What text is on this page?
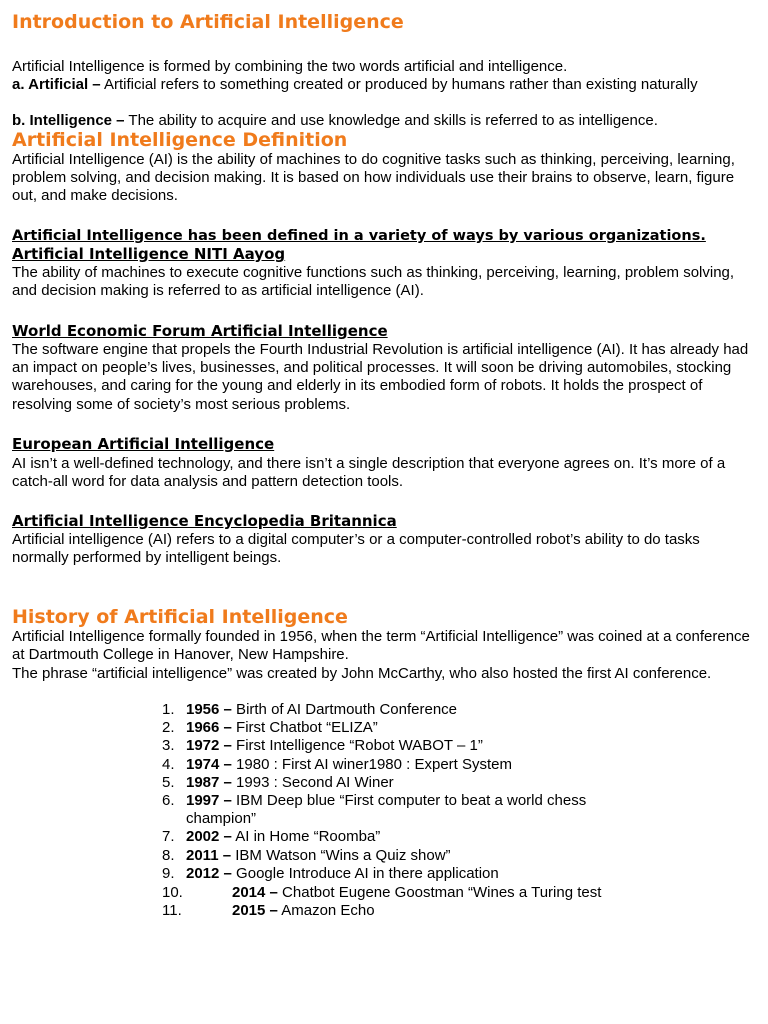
Introduction to Artificial Intelligence

Artificial Intelligence is formed by combining the two words artificial and intelligence.

a. Artificial – Artificial refers to something created or produced by humans rather than existing naturally

b. Intelligence – The ability to acquire and use knowledge and skills is referred to as intelligence.

Artificial Intelligence Definition

Artificial Intelligence (AI) is the ability of machines to do cognitive tasks such as thinking, perceiving, learning, problem solving, and decision making. It is based on how individuals use their brains to observe, learn, figure out, and make decisions.

Artificial Intelligence has been defined in a variety of ways by various organizations.

Artificial Intelligence NITI Aayog

The ability of machines to execute cognitive functions such as thinking, perceiving, learning, problem solving, and decision making is referred to as artificial intelligence (AI).

World Economic Forum Artificial Intelligence

The software engine that propels the Fourth Industrial Revolution is artificial intelligence (AI). It has already had an impact on people’s lives, businesses, and political processes. It will soon be driving automobiles, stocking warehouses, and caring for the young and elderly in its embodied form of robots. It holds the prospect of resolving some of society’s most serious problems.

European Artificial Intelligence

AI isn’t a well-defined technology, and there isn’t a single description that everyone agrees on. It’s more of a catch-all word for data analysis and pattern detection tools.

Artificial Intelligence Encyclopedia Britannica

Artificial intelligence (AI) refers to a digital computer’s or a computer-controlled robot’s ability to do tasks normally performed by intelligent beings.

History of Artificial Intelligence

Artificial Intelligence formally founded in 1956, when the term “Artificial Intelligence” was coined at a conference at Dartmouth College in Hanover, New Hampshire.

The phrase “artificial intelligence” was created by John McCarthy, who also hosted the first AI conference.

1. 1956 – Birth of AI Dartmouth Conference
2. 1966 – First Chatbot “ELIZA”
3. 1972 – First Intelligence “Robot WABOT – 1”
4. 1974 – 1980 : First AI winer1980 : Expert System
5. 1987 – 1993 : Second AI Winer
6. 1997 – IBM Deep blue “First computer to beat a world chess champion”
7. 2002 – AI in Home “Roomba”
8. 2011 – IBM Watson “Wins a Quiz show”
9. 2012 – Google Introduce AI in there application
10.	2014 – Chatbot Eugene Goostman “Wines a Turing test
11.	2015 – Amazon Echo
